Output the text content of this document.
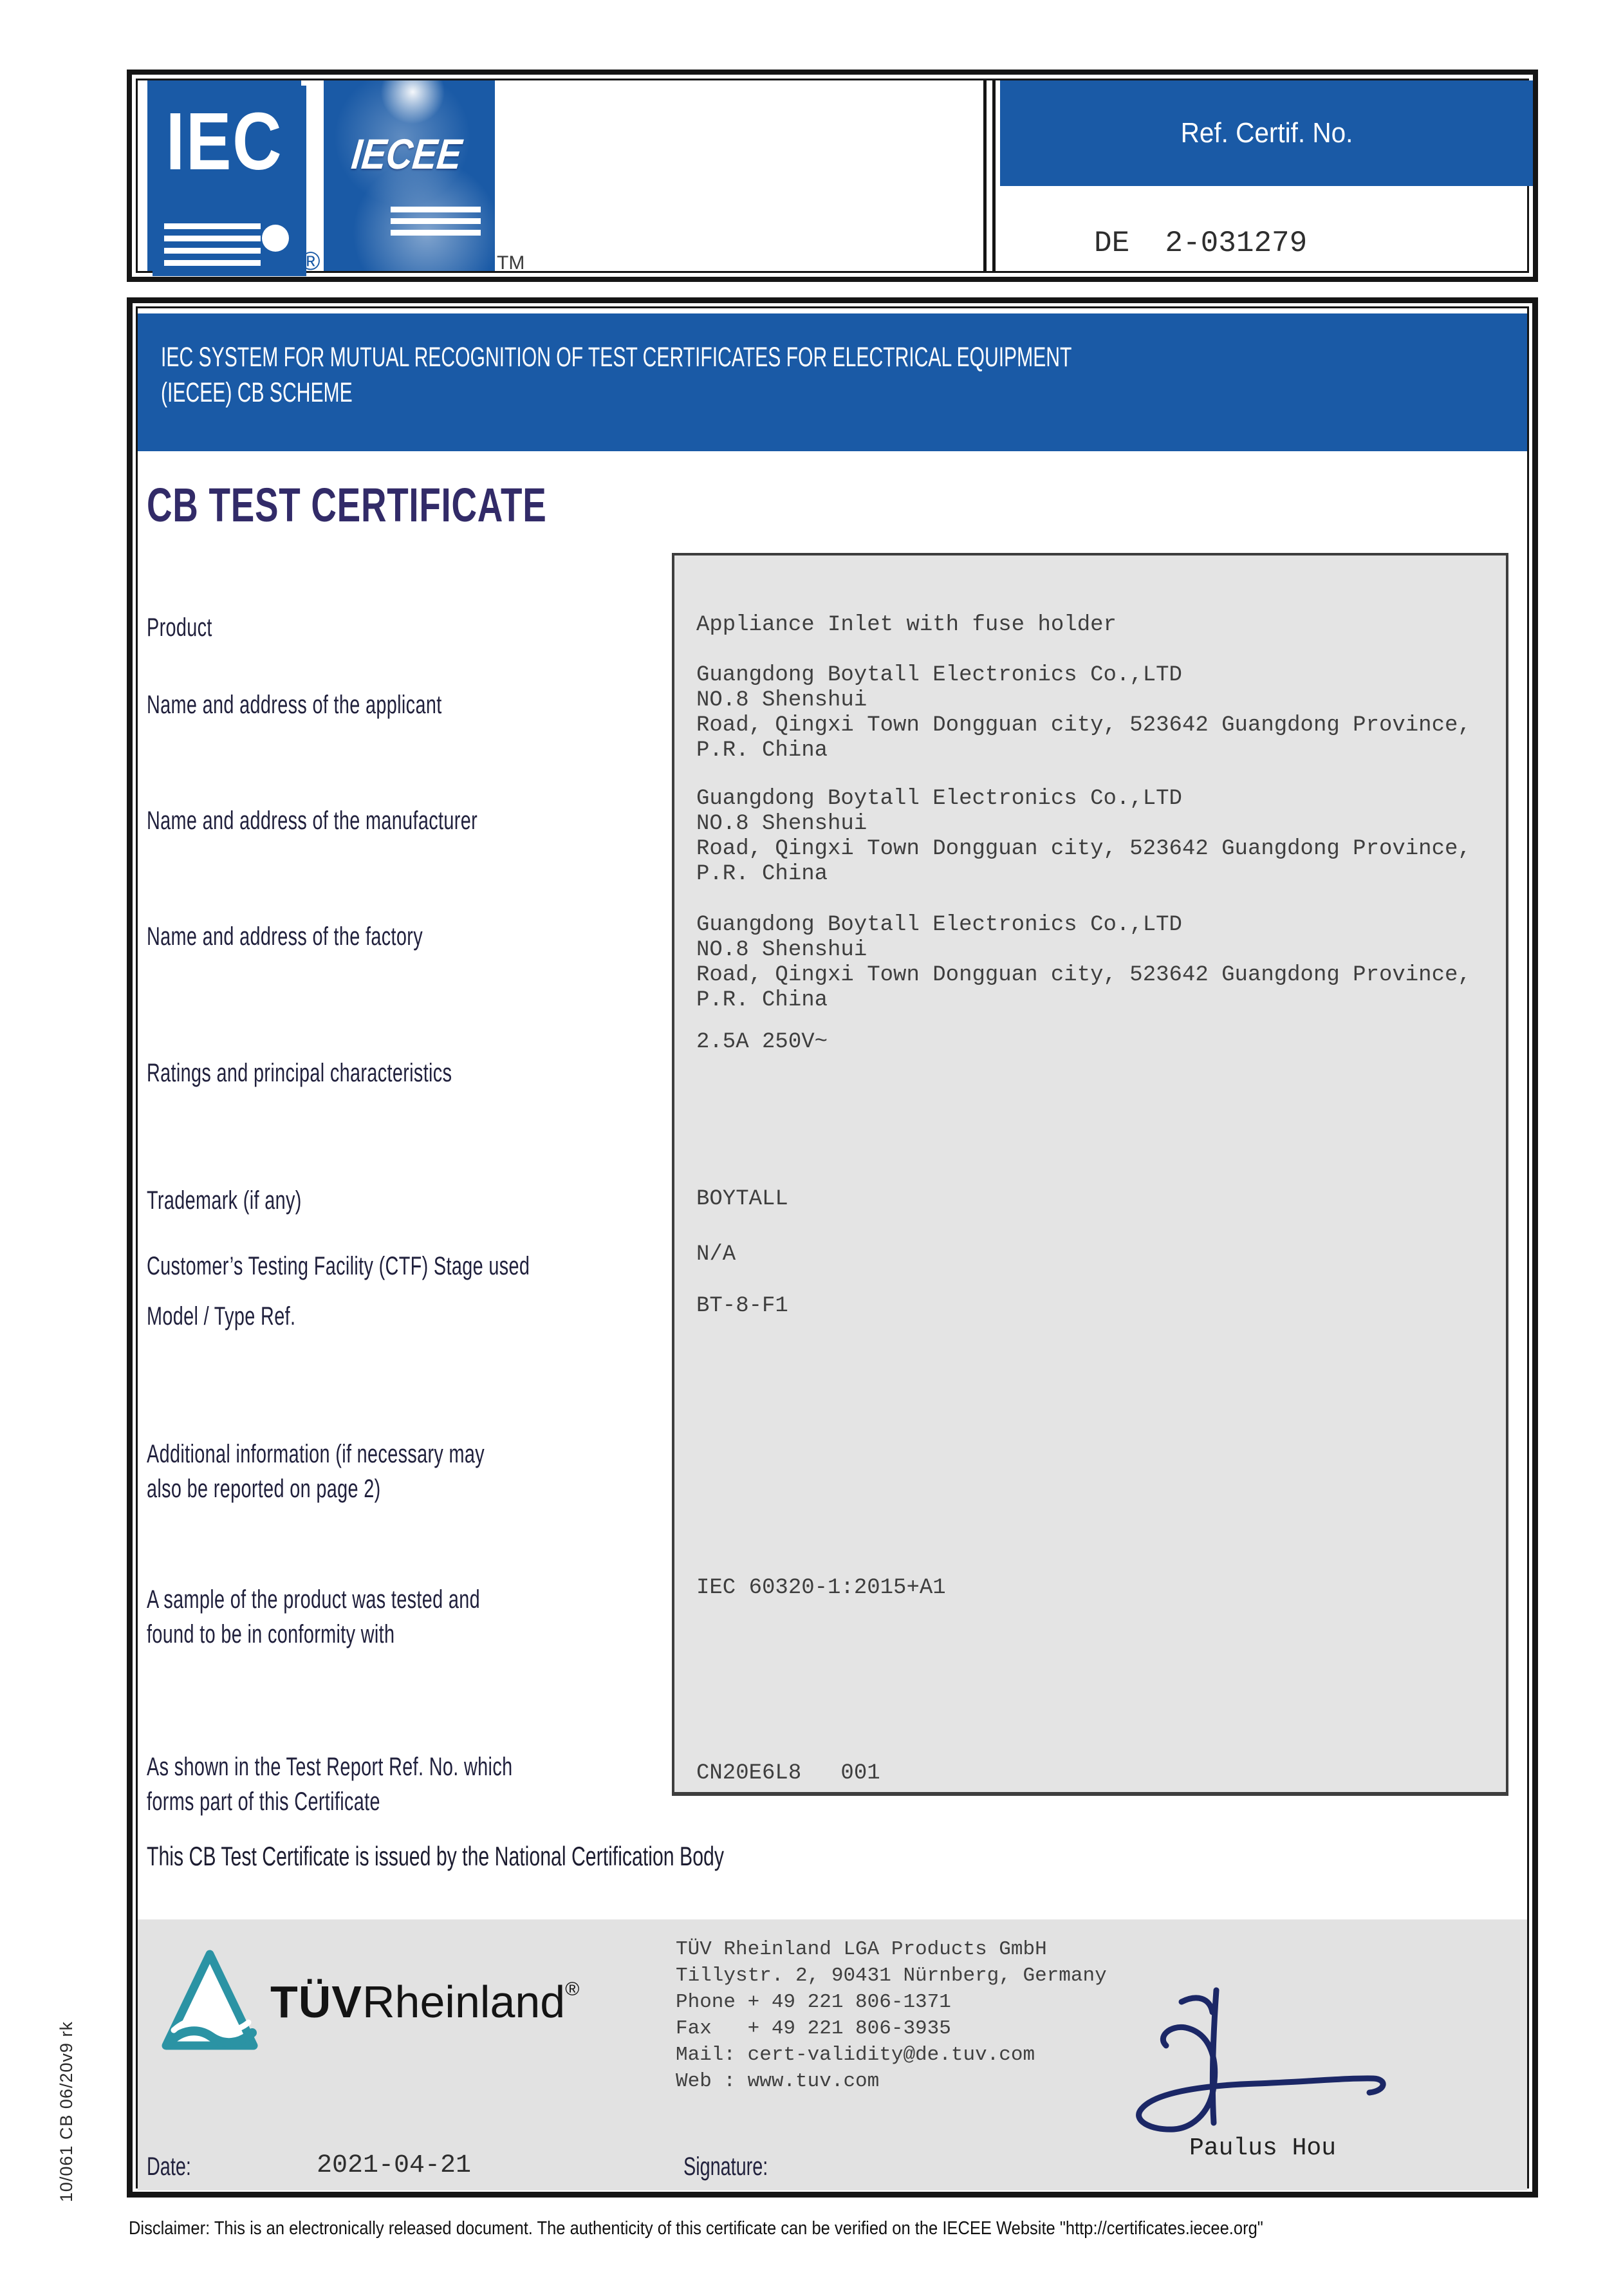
IEC
®
IECEE
TM
Ref. Certif. No.
DE  2-031279
IEC SYSTEM FOR MUTUAL RECOGNITION OF TEST CERTIFICATES FOR ELECTRICAL EQUIPMENT
(IECEE) CB SCHEME
CB TEST CERTIFICATE
Product
Name and address of the applicant
Name and address of the manufacturer
Name and address of the factory
Ratings and principal characteristics
Trademark (if any)
Customer’s Testing Facility (CTF) Stage used
Model / Type Ref.
Additional information (if necessary may
also be reported on page 2)
A sample of the product was tested and
found to be in conformity with
As shown in the Test Report Ref. No. which
forms part of this Certificate
Appliance Inlet with fuse holder
Guangdong Boytall Electronics Co.,LTD
NO.8 Shenshui
Road, Qingxi Town Dongguan city, 523642 Guangdong Province,
P.R. China
Guangdong Boytall Electronics Co.,LTD
NO.8 Shenshui
Road, Qingxi Town Dongguan city, 523642 Guangdong Province,
P.R. China
Guangdong Boytall Electronics Co.,LTD
NO.8 Shenshui
Road, Qingxi Town Dongguan city, 523642 Guangdong Province,
P.R. China
2.5A 250V~
BOYTALL
N/A
BT-8-F1
IEC 60320-1:2015+A1
CN20E6L8   001
This CB Test Certificate is issued by the National Certification Body
TÜVRheinland®
TÜV Rheinland LGA Products GmbH
Tillystr. 2, 90431 Nürnberg, Germany
Phone + 49 221 806-1371
Fax   + 49 221 806-3935
Mail: cert-validity@de.tuv.com
Web : www.tuv.com
Paulus Hou
Date:	2021-04-21	Signature:
10/061 CB 06/20v9 rk
Disclaimer: This is an electronically released document. The authenticity of this certificate can be verified on the IECEE Website "http://certificates.iecee.org"
